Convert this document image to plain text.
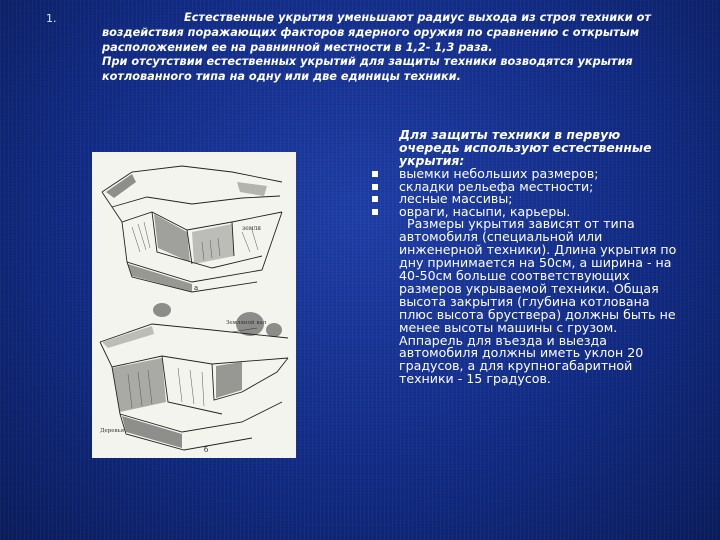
1.	Естественные укрытия уменьшают радиус выхода из строя техники от воздействия поражающих факторов ядерного оружия по сравнению с открытым расположением ее на равнинной местности в 1,2- 1,3 раза.
При отсутствии естественных укрытий для защиты техники возводятся укрытия котлованного типа на одну или две единицы техники.
земля
а
Земляной вал
Деревья
б
Для защиты техники в первую очередь используют естественные укрытия:
выемки небольших размеров;
складки рельефа местности;
лесные массивы;
овраги, насыпи, карьеры.
Размеры укрытия зависят от типа автомобиля (специальной или инженерной техники). Длина укрытия по дну принимается на 50см, а ширина - на 40-50см больше соответствующих размеров укрываемой техники. Общая высота закрытия (глубина котлована плюс высота бруствера) должны быть не менее высоты машины с грузом. Аппарель для въезда и выезда автомобиля должны иметь уклон 20 градусов, а для крупногабаритной техники - 15 градусов.
